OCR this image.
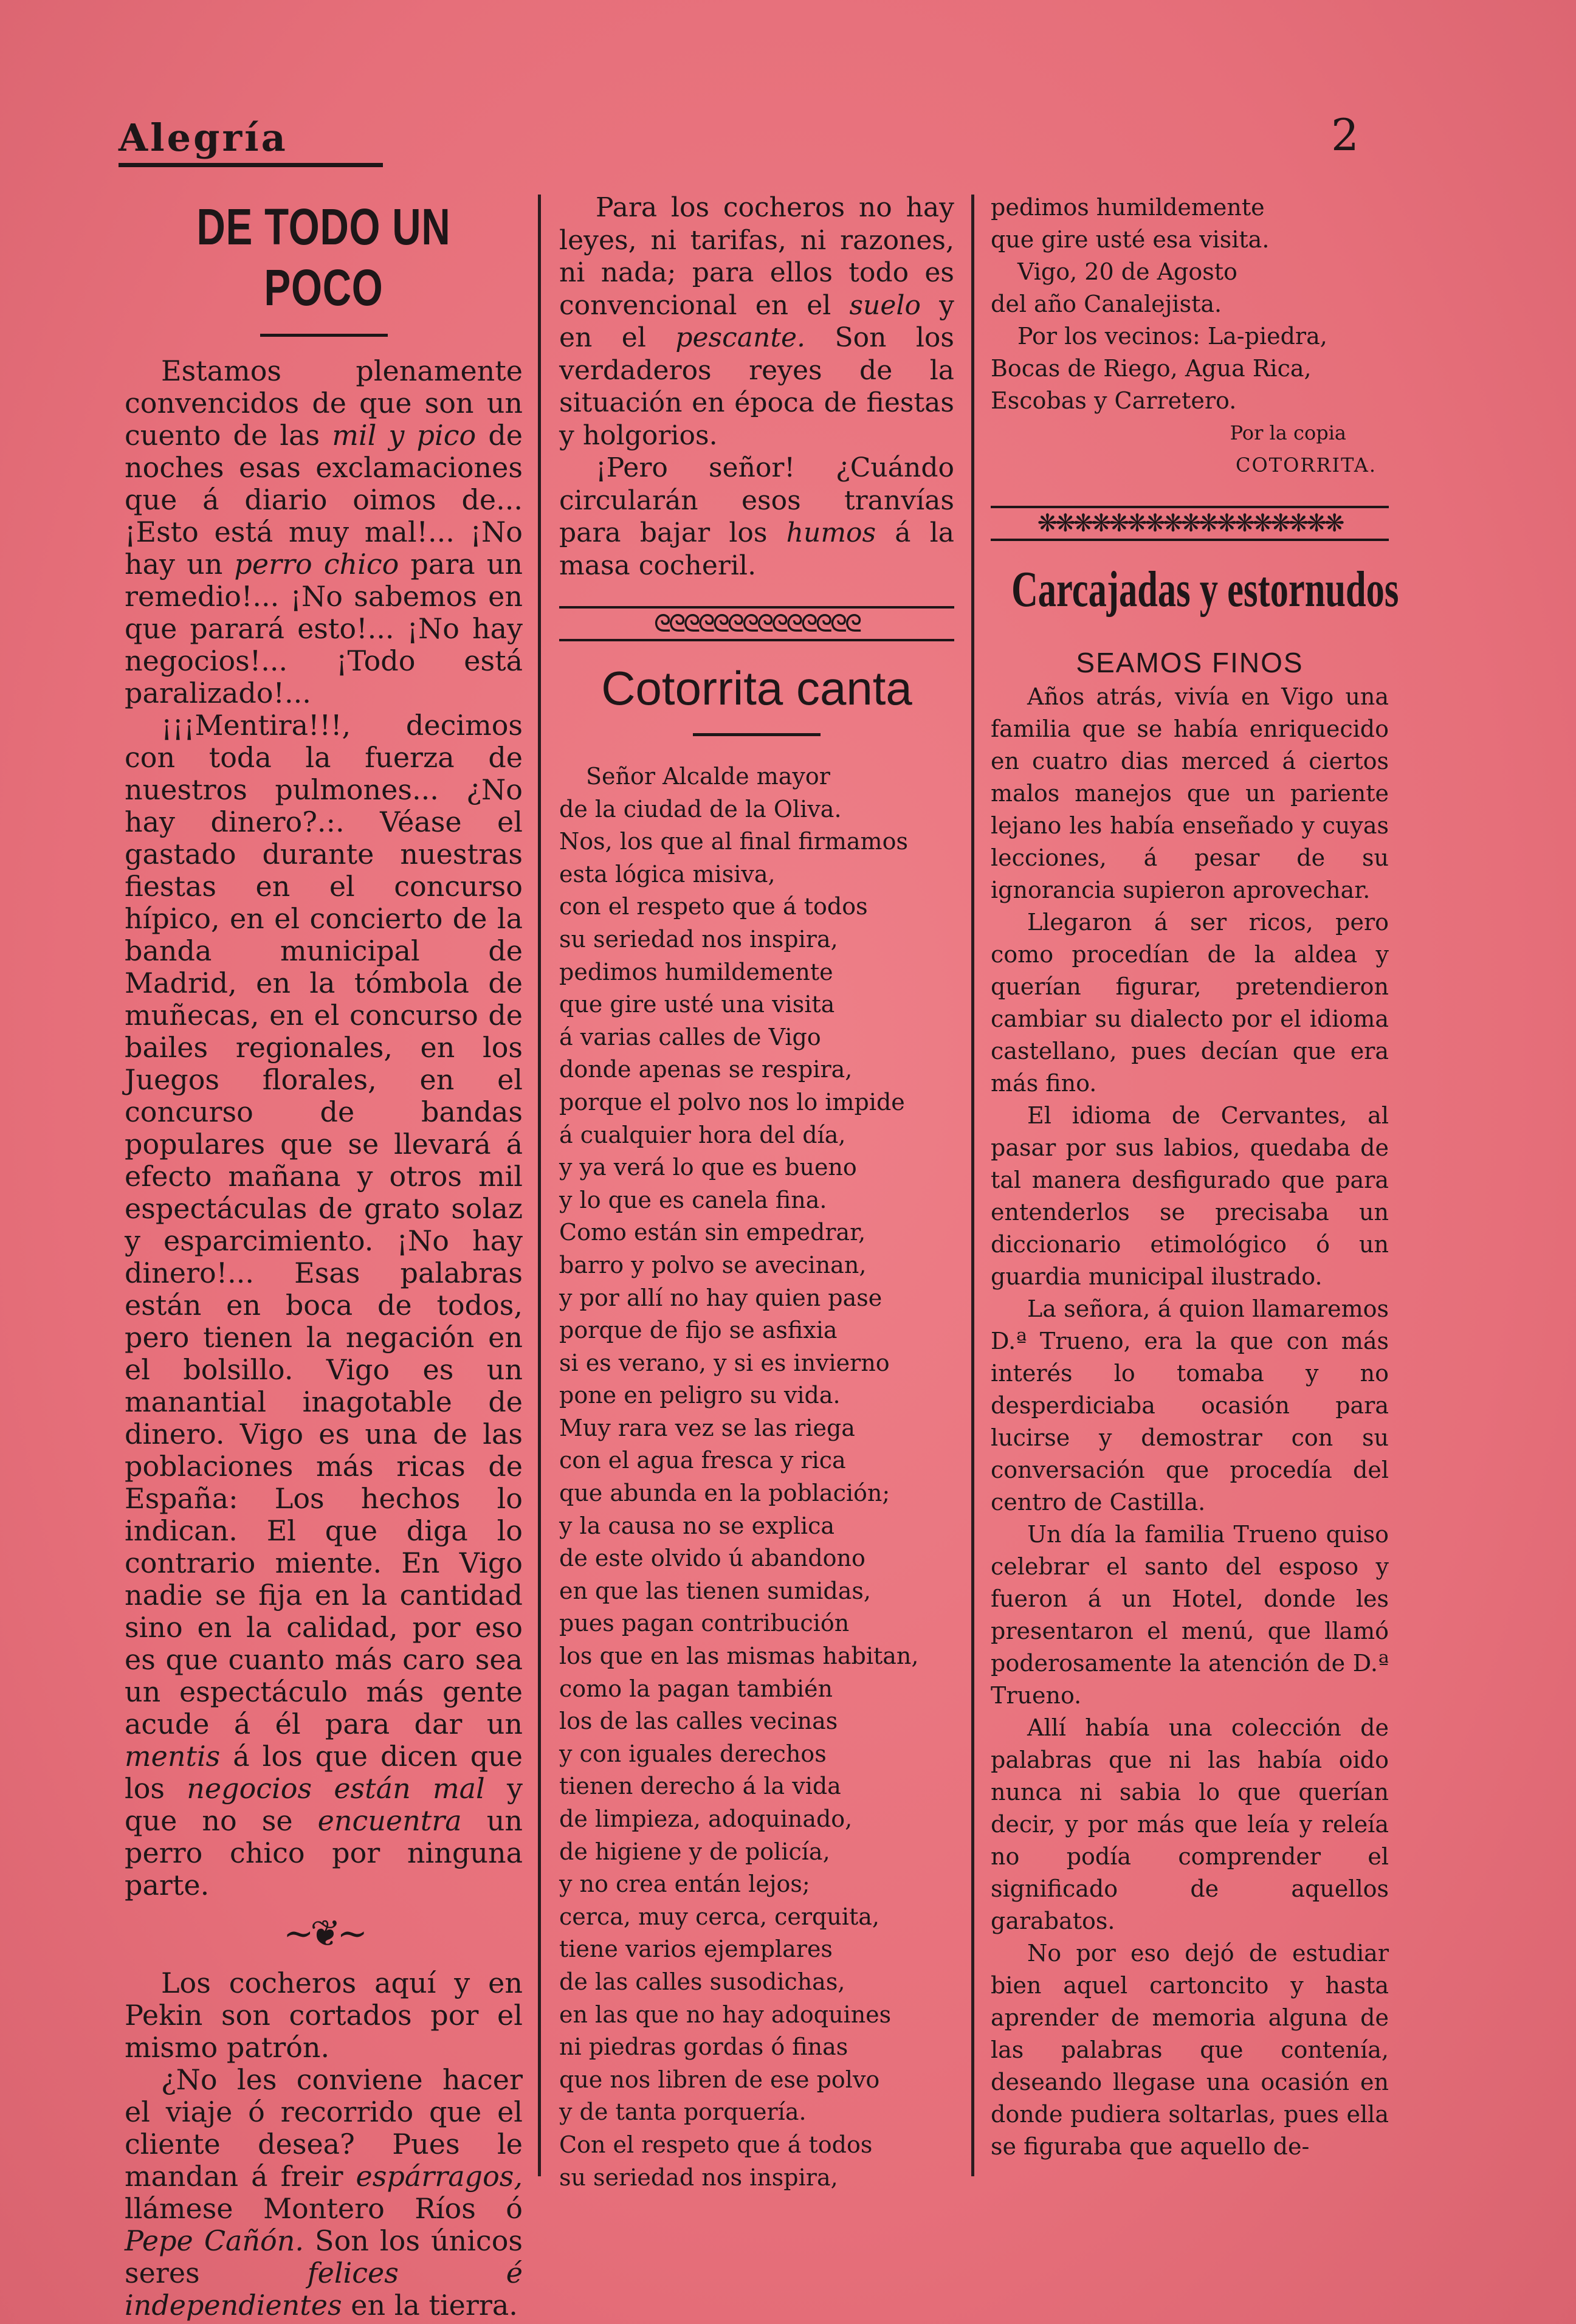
Alegría	2
DE TODO UN POCO

Estamos plenamente convencidos de que son un cuento de las mil y pico de noches esas exclamaciones que á diario oimos de... ¡Esto está muy mal!... ¡No hay un perro chico para un remedio!... ¡No sabemos en que parará esto!... ¡No hay negocios!... ¡Todo está paralizado!...

¡¡¡Mentira!!!, decimos con toda la fuerza de nuestros pulmones... ¿No hay dinero?.:. Véase el gastado durante nuestras fiestas en el concurso hípico, en el concierto de la banda municipal de Madrid, en la tómbola de muñecas, en el concurso de bailes regionales, en los Juegos florales, en el concurso de bandas populares que se llevará á efecto mañana y otros mil espectáculas de grato solaz y esparcimiento. ¡No hay dinero!... Esas palabras están en boca de todos, pero tienen la negación en el bolsillo. Vigo es un manantial inagotable de dinero. Vigo es una de las poblaciones más ricas de España: Los hechos lo indican. El que diga lo contrario miente. En Vigo nadie se fija en la cantidad sino en la calidad, por eso es que cuanto más caro sea un espectáculo más gente acude á él para dar un mentis á los que dicen que los negocios están mal y que no se encuentra un perro chico por ninguna parte.

~❦~

Los cocheros aquí y en Pekin son cortados por el mismo patrón.

¿No les conviene hacer el viaje ó recorrido que el cliente desea? Pues le mandan á freir espárragos, llámese Montero Ríos ó Pepe Cañón. Son los únicos seres felices é independientes en la tierra.

Para los cocheros no hay leyes, ni tarifas, ni razones, ni nada; para ellos todo es convencional en el suelo y en el pescante. Son los verdaderos reyes de la situación en época de fiestas y holgorios.

¡Pero señor! ¿Cuándo circularán esos tranvías para bajar los humos á la masa cocheril.

ᘓᘓᘓᘓᘓᘓᘓᘓᘓᘓᘓᘓᘓᘓ
Cotorrita canta
Señor Alcalde mayor
de la ciudad de la Oliva.
Nos, los que al final firmamos
esta lógica misiva,
con el respeto que á todos
su seriedad nos inspira,
pedimos humildemente
que gire usté una visita
á varias calles de Vigo
donde apenas se respira,
porque el polvo nos lo impide
á cualquier hora del día,
y ya verá lo que es bueno
y lo que es canela fina.
Como están sin empedrar,
barro y polvo se avecinan,
y por allí no hay quien pase
porque de fijo se asfixia
si es verano, y si es invierno
pone en peligro su vida.
Muy rara vez se las riega
con el agua fresca y rica
que abunda en la población;
y la causa no se explica
de este olvido ú abandono
en que las tienen sumidas,
pues pagan contribución
los que en las mismas habitan,
como la pagan también
los de las calles vecinas
y con iguales derechos
tienen derecho á la vida
de limpieza, adoquinado,
de higiene y de policía,
y no crea entán lejos;
cerca, muy cerca, cerquita,
tiene varios ejemplares
de las calles susodichas,
en las que no hay adoquines
ni piedras gordas ó finas
que nos libren de ese polvo
y de tanta porquería.
Con el respeto que á todos
su seriedad nos inspira,
pedimos humildemente
que gire usté esa visita.
Vigo, 20 de Agosto
del año Canalejista.
Por los vecinos: La-piedra,
Bocas de Riego, Agua Rica,
Escobas y Carretero.
Por la copia
COTORRITA.
❋❋❋❋❋❋❋❋❋❋❋❋❋❋❋❋❋
Carcajadas y estornudos
SEAMOS FINOS

Años atrás, vivía en Vigo una familia que se había enriquecido en cuatro dias merced á ciertos malos manejos que un pariente lejano les había enseñado y cuyas lecciones, á pesar de su ignorancia supieron aprovechar.

Llegaron á ser ricos, pero como procedían de la aldea y querían figurar, pretendieron cambiar su dialecto por el idioma castellano, pues decían que era más fino.

El idioma de Cervantes, al pasar por sus labios, quedaba de tal manera desfigurado que para entenderlos se precisaba un diccionario etimológico ó un guardia municipal ilustrado.

La señora, á quion llamaremos D.ª Trueno, era la que con más interés lo tomaba y no desperdiciaba ocasión para lucirse y demostrar con su conversación que procedía del centro de Castilla.

Un día la familia Trueno quiso celebrar el santo del esposo y fueron á un Hotel, donde les presentaron el menú, que llamó poderosamente la atención de D.ª Trueno.

Allí había una colección de palabras que ni las había oido nunca ni sabia lo que querían decir, y por más que leía y releía no podía comprender el significado de aquellos garabatos.

No por eso dejó de estudiar bien aquel cartoncito y hasta aprender de memoria alguna de las palabras que contenía, deseando llegase una ocasión en donde pudiera soltarlas, pues ella se figuraba que aquello de-
